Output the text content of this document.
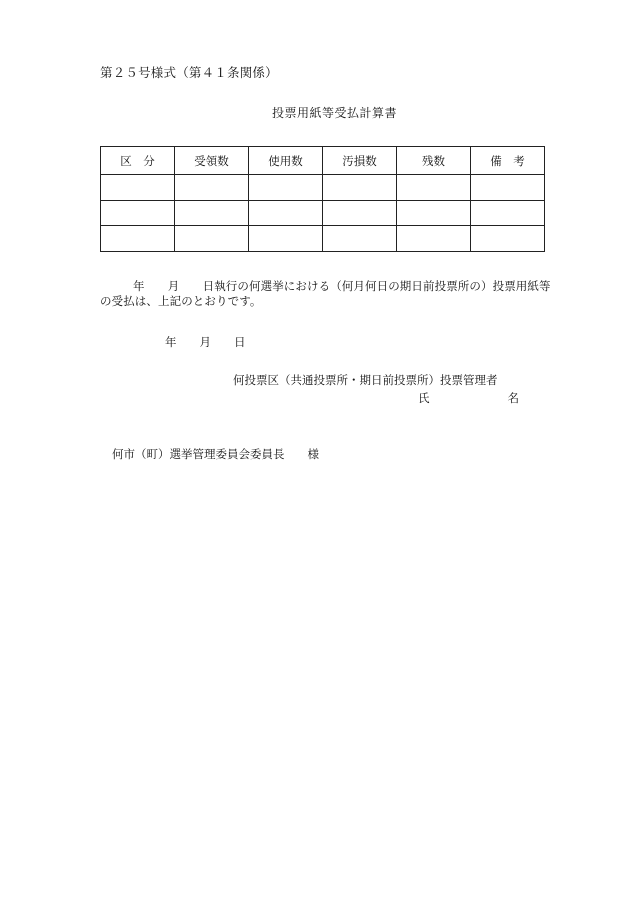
第２５号様式（第４１条関係）
投票用紙等受払計算書
区　分	受領数	使用数	汚損数	残数	備　考

年　　月　　日執行の何選挙における（何月何日の期日前投票所の）投票用紙等の受払は、上記のとおりです。
年 月 日
何投票区（共通投票所・期日前投票所）投票管理者
氏	名
何市（町）選挙管理委員会委員長　　様
